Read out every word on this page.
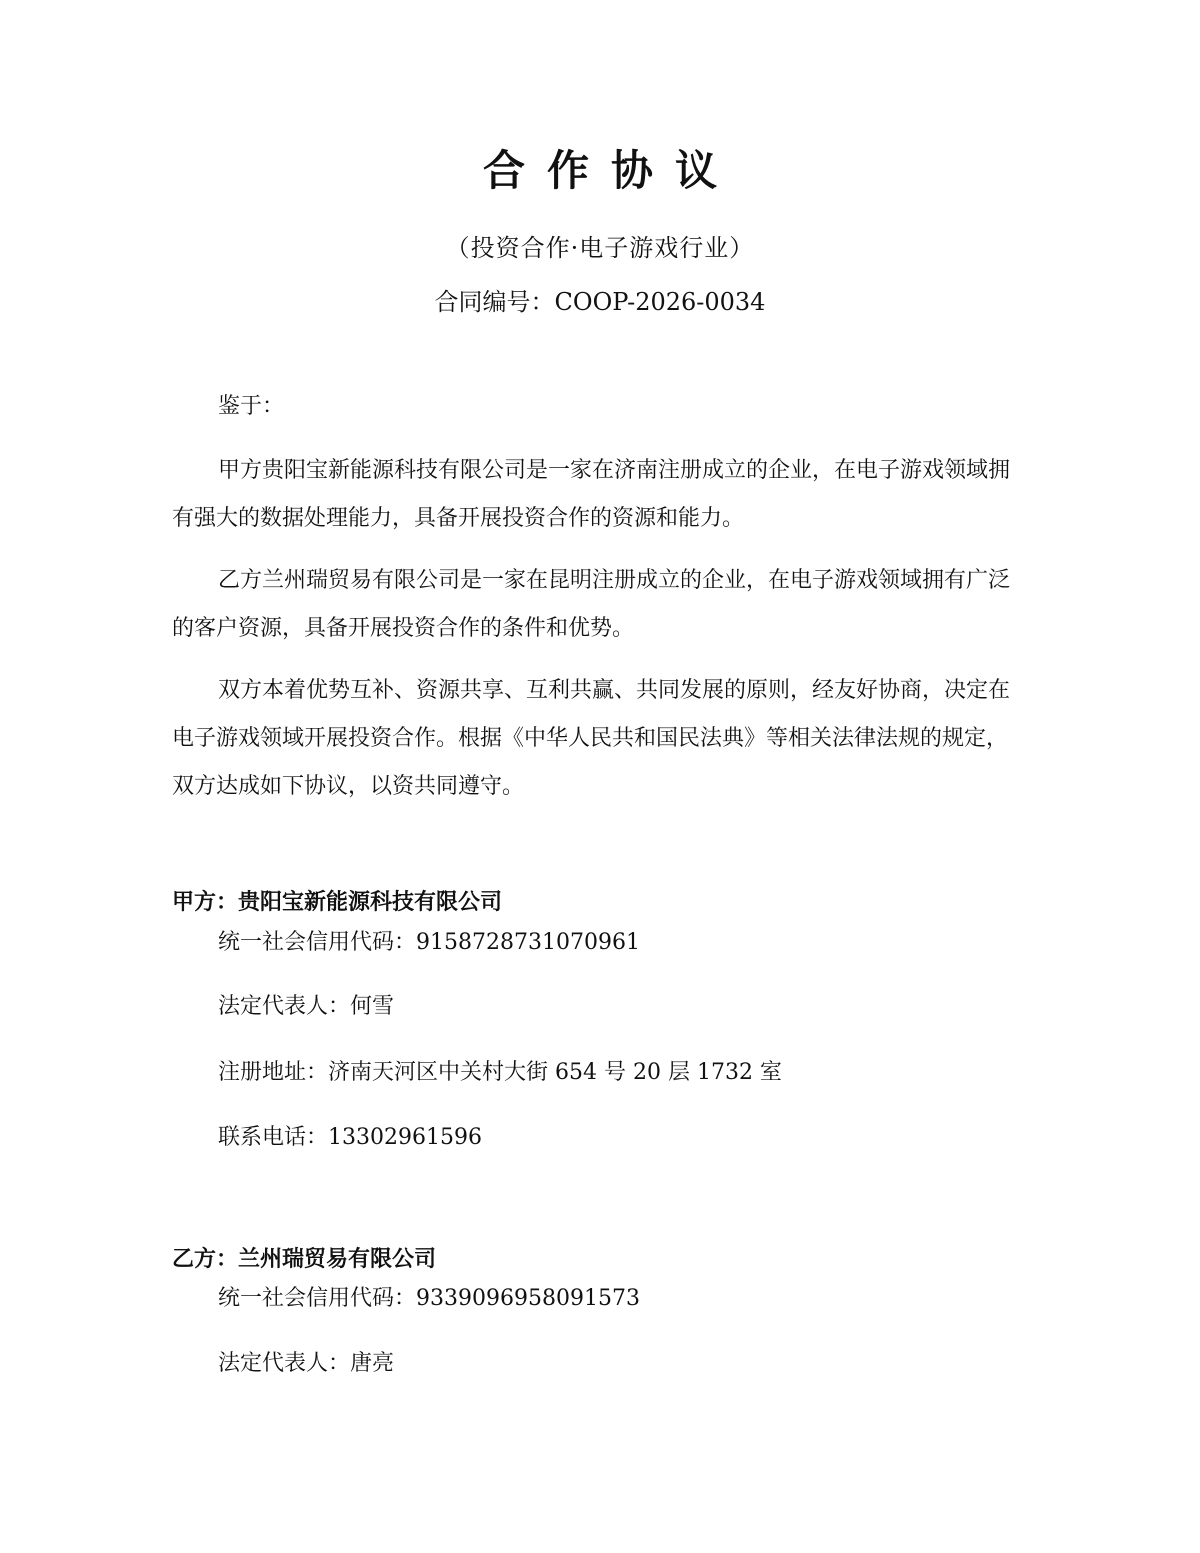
合作协议
（投资合作·电子游戏行业）
合同编号：COOP-2026-0034
鉴于：

甲方贵阳宝新能源科技有限公司是一家在济南注册成立的企业，在电子游戏领域拥有强大的数据处理能力，具备开展投资合作的资源和能力。

乙方兰州瑞贸易有限公司是一家在昆明注册成立的企业，在电子游戏领域拥有广泛的客户资源，具备开展投资合作的条件和优势。

双方本着优势互补、资源共享、互利共赢、共同发展的原则，经友好协商，决定在电子游戏领域开展投资合作。根据《中华人民共和国民法典》等相关法律法规的规定，双方达成如下协议，以资共同遵守。

甲方：贵阳宝新能源科技有限公司
统一社会信用代码：9158728731070961
法定代表人：何雪
注册地址：济南天河区中关村大街 654 号 20 层 1732 室
联系电话：13302961596
乙方：兰州瑞贸易有限公司
统一社会信用代码：9339096958091573
法定代表人：唐亮
